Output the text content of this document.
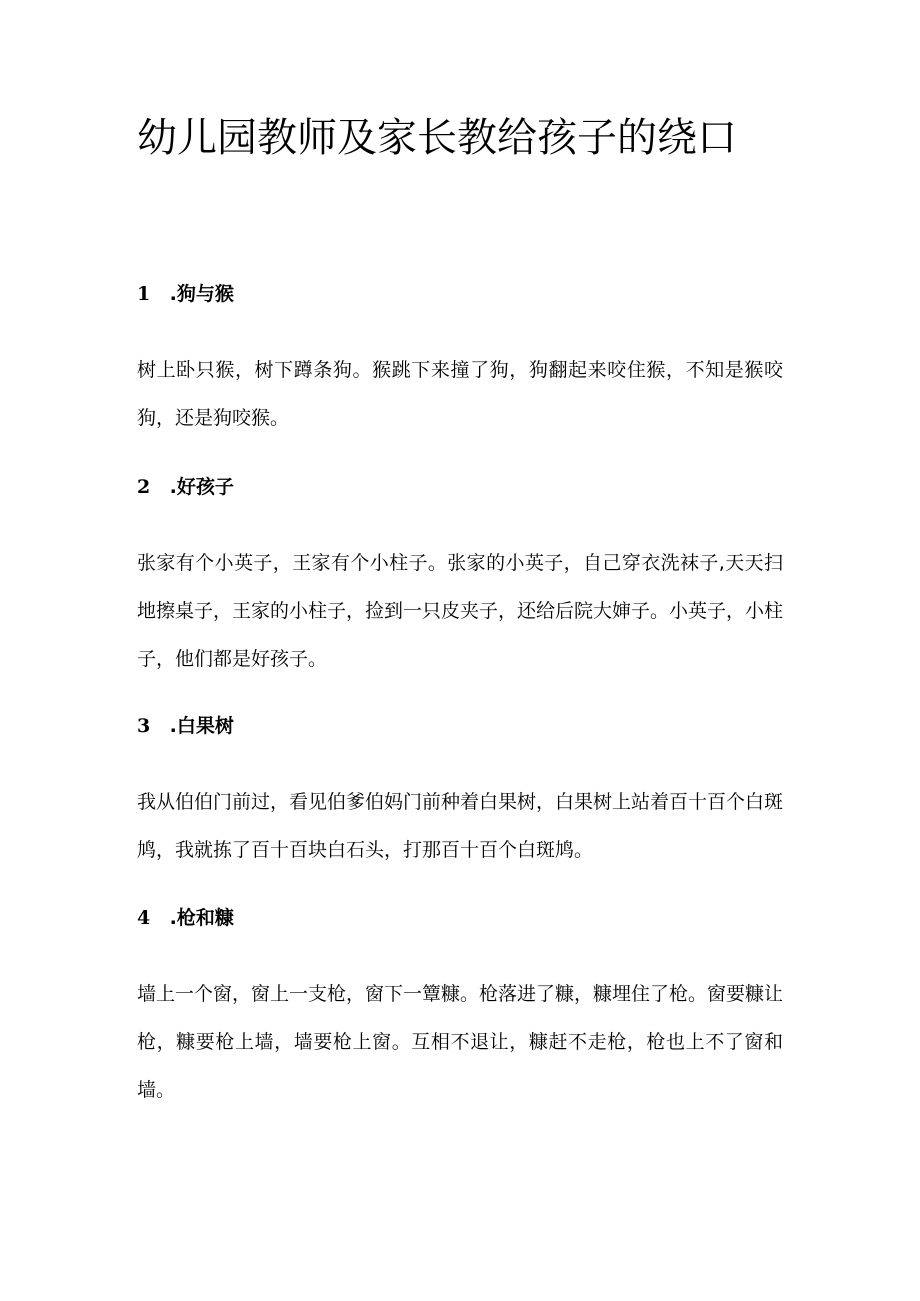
幼儿园教师及家长教给孩子的绕口

1 .狗与猴

树上卧只猴，树下蹲条狗。猴跳下来撞了狗，狗翻起来咬住猴，不知是猴咬狗，还是狗咬猴。

2 .好孩子

张家有个小英子，王家有个小柱子。张家的小英子，自己穿衣洗袜子,天天扫地擦桌子，王家的小柱子，捡到一只皮夹子，还给后院大婶子。小英子，小柱子，他们都是好孩子。

3 .白果树

我从伯伯门前过，看见伯爹伯妈门前种着白果树，白果树上站着百十百个白斑鸠，我就拣了百十百块白石头，打那百十百个白斑鸠。

4 .枪和糠

墙上一个窗，窗上一支枪，窗下一簟糠。枪落进了糠，糠埋住了枪。窗要糠让枪，糠要枪上墙，墙要枪上窗。互相不退让，糠赶不走枪，枪也上不了窗和墙。
